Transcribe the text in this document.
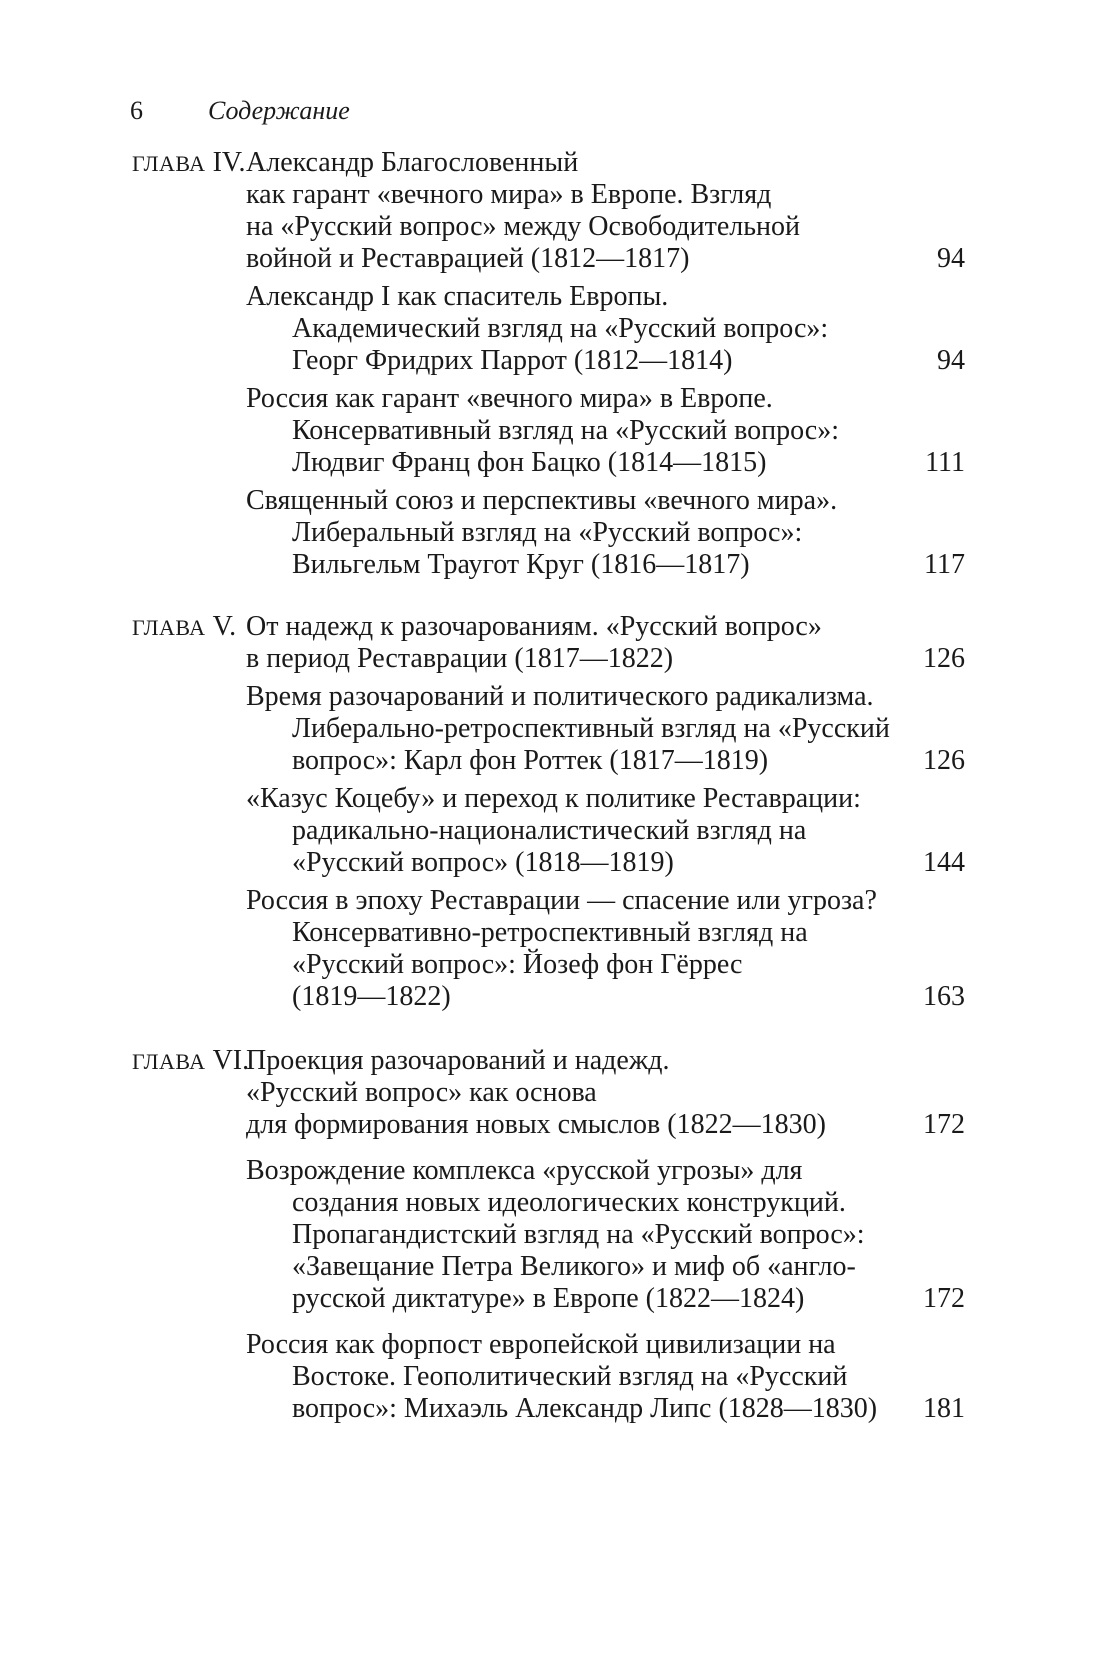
6	Содержание
ГЛАВА IV. Александр Благословенный
как гарант «вечного мира» в Европе. Взгляд
на «Русский вопрос» между Освободительной
войной и Реставрацией (1812—1817)	94
Александр I как спаситель Европы.
Академический взгляд на «Русский вопрос»:
Георг Фридрих Паррот (1812—1814)	94
Россия как гарант «вечного мира» в Европе.
Консервативный взгляд на «Русский вопрос»:
Людвиг Франц фон Бацко (1814—1815)	111
Священный союз и перспективы «вечного мира».
Либеральный взгляд на «Русский вопрос»:
Вильгельм Траугот Круг (1816—1817)	117
ГЛАВА V. От надежд к разочарованиям. «Русский вопрос»
в период Реставрации (1817—1822)	126
Время разочарований и политического радикализма.
Либерально-ретроспективный взгляд на «Русский
вопрос»: Карл фон Роттек (1817—1819)	126
«Казус Коцебу» и переход к политике Реставрации:
радикально-националистический взгляд на
«Русский вопрос» (1818—1819)	144
Россия в эпоху Реставрации — спасение или угроза?
Консервативно-ретроспективный взгляд на
«Русский вопрос»: Йозеф фон Гёррес
(1819—1822)	163
ГЛАВА VI.
Проекция разочарований и надежд.
«Русский вопрос» как основа
для формирования новых смыслов (1822—1830)	172
Возрождение комплекса «русской угрозы» для
создания новых идеологических конструкций.
Пропагандистский взгляд на «Русский вопрос»:
«Завещание Петра Великого» и миф об «англо-
русской диктатуре» в Европе (1822—1824)	172
Россия как форпост европейской цивилизации на
Востоке. Геополитический взгляд на «Русский
вопрос»: Михаэль Александр Липс (1828—1830) 181
